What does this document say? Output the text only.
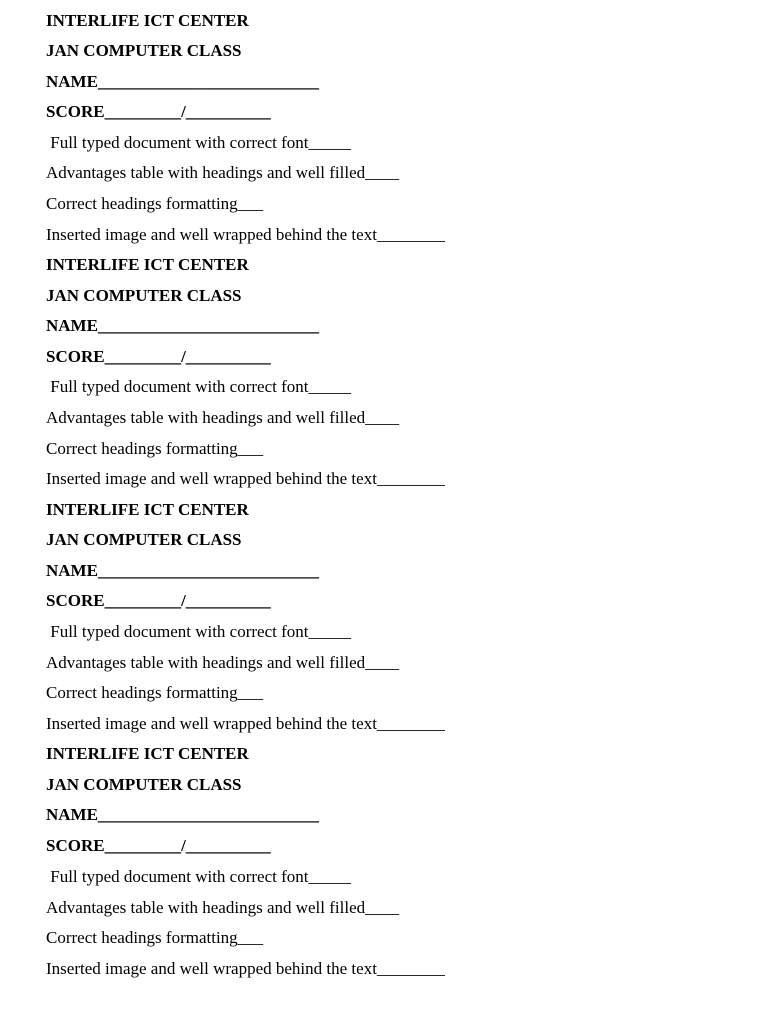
INTERLIFE ICT CENTER
JAN COMPUTER CLASS
NAME__________________________
SCORE_________/__________
Full typed document with correct font_____
Advantages table with headings and well filled____
Correct headings formatting___
Inserted image and well wrapped behind the text________
INTERLIFE ICT CENTER
JAN COMPUTER CLASS
NAME__________________________
SCORE_________/__________
Full typed document with correct font_____
Advantages table with headings and well filled____
Correct headings formatting___
Inserted image and well wrapped behind the text________
INTERLIFE ICT CENTER
JAN COMPUTER CLASS
NAME__________________________
SCORE_________/__________
Full typed document with correct font_____
Advantages table with headings and well filled____
Correct headings formatting___
Inserted image and well wrapped behind the text________
INTERLIFE ICT CENTER
JAN COMPUTER CLASS
NAME__________________________
SCORE_________/__________
Full typed document with correct font_____
Advantages table with headings and well filled____
Correct headings formatting___
Inserted image and well wrapped behind the text________
